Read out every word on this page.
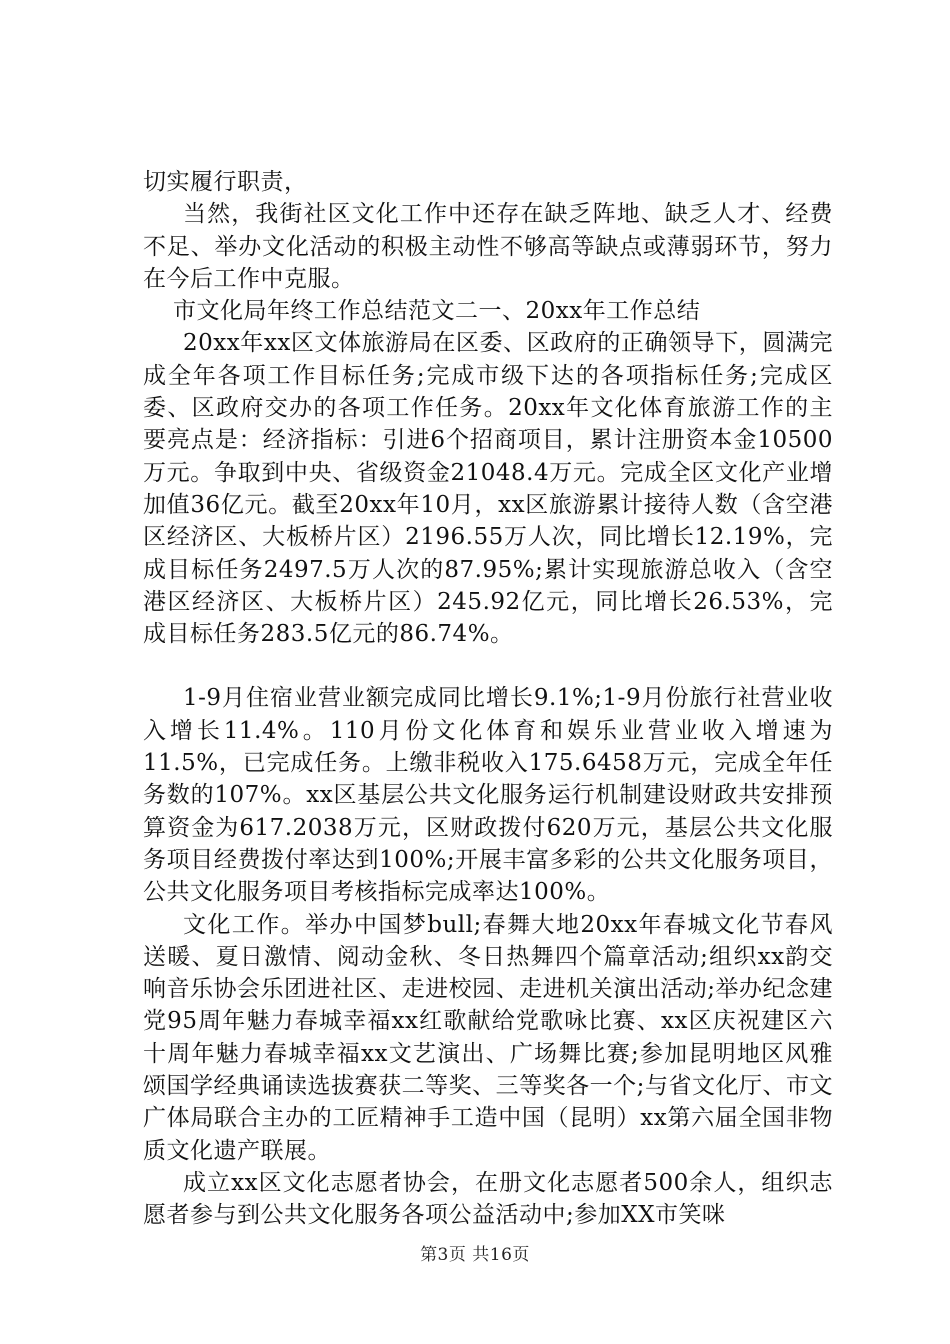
切实履行职责，

当然，我街社区文化工作中还存在缺乏阵地、缺乏人才、经费不足、举办文化活动的积极主动性不够高等缺点或薄弱环节，努力在今后工作中克服。

市文化局年终工作总结范文二一、20xx年工作总结

20xx年xx区文体旅游局在区委、区政府的正确领导下，圆满完成全年各项工作目标任务;完成市级下达的各项指标任务;完成区委、区政府交办的各项工作任务。20xx年文化体育旅游工作的主要亮点是：经济指标：引进6个招商项目，累计注册资本金10500万元。争取到中央、省级资金21048.4万元。完成全区文化产业增加值36亿元。截至20xx年10月，xx区旅游累计接待人数（含空港区经济区、大板桥片区）2196.55万人次，同比增长12.19%，完成目标任务2497.5万人次的87.95%;累计实现旅游总收入（含空港区经济区、大板桥片区）245.92亿元，同比增长26.53%，完成目标任务283.5亿元的86.74%。

1-9月住宿业营业额完成同比增长9.1%;1-9月份旅行社营业收入增长11.4%。110月份文化体育和娱乐业营业收入增速为11.5%，已完成任务。上缴非税收入175.6458万元，完成全年任务数的107%。xx区基层公共文化服务运行机制建设财政共安排预算资金为617.2038万元，区财政拨付620万元，基层公共文化服务项目经费拨付率达到100%;开展丰富多彩的公共文化服务项目，公共文化服务项目考核指标完成率达100%。

文化工作。举办中国梦bull;春舞大地20xx年春城文化节春风送暖、夏日激情、阅动金秋、冬日热舞四个篇章活动;组织xx韵交响音乐协会乐团进社区、走进校园、走进机关演出活动;举办纪念建党95周年魅力春城幸福xx红歌献给党歌咏比赛、xx区庆祝建区六十周年魅力春城幸福xx文艺演出、广场舞比赛;参加昆明地区风雅颂国学经典诵读选拔赛获二等奖、三等奖各一个;与省文化厅、市文广体局联合主办的工匠精神手工造中国（昆明）xx第六届全国非物质文化遗产联展。

成立xx区文化志愿者协会，在册文化志愿者500余人，组织志愿者参与到公共文化服务各项公益活动中;参加XX市笑咪

第3页 共16页
